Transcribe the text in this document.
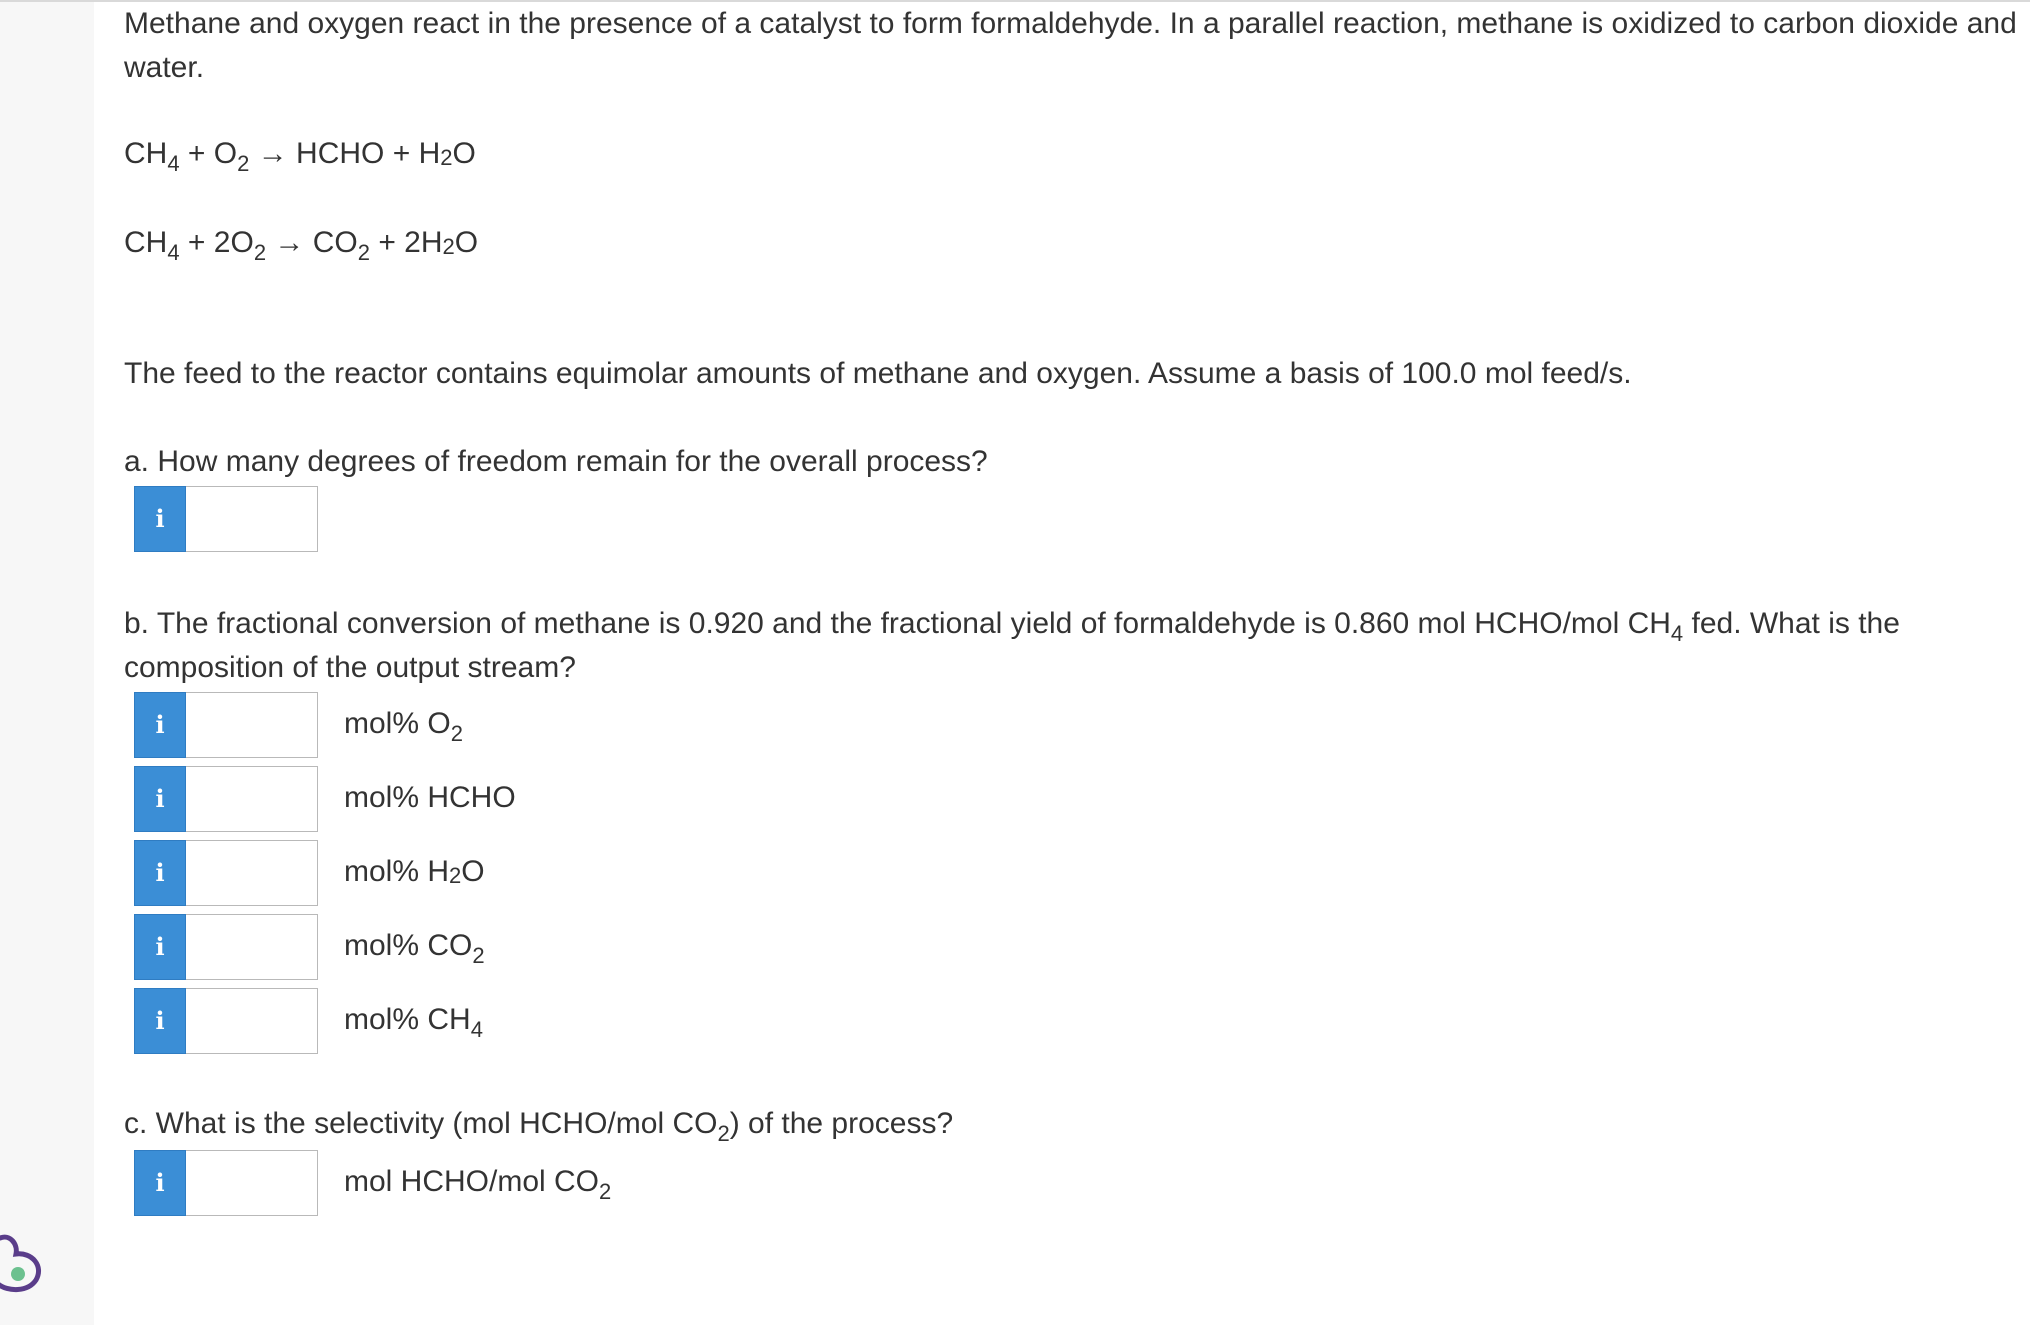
Methane and oxygen react in the presence of a catalyst to form formaldehyde. In a parallel reaction, methane is oxidized to carbon dioxide and water.
$CH_4 + O_2$ → HCHO + $H_2O$
$CH_4 + 2O_2 \to CO_2 + 2H_2O$
The feed to the reactor contains equimolar amounts of methane and oxygen. Assume a basis of 100.0 mol feed/s.
a. How many degrees of freedom remain for the overall process?
i
b. The fractional conversion of methane is 0.920 and the fractional yield of formaldehyde is 0.860 mol HCHO/mol $CH_4$ fed. What is the composition of the output stream?
i	mol% $O_2$
i	mol% HCHO
i	mol% $H_2O$
i	mol% $CO_2$
i	mol% $CH_4$
c. What is the selectivity (mol HCHO/mol $CO_2$) of the process?
i	mol HCHO/mol $CO_2$
